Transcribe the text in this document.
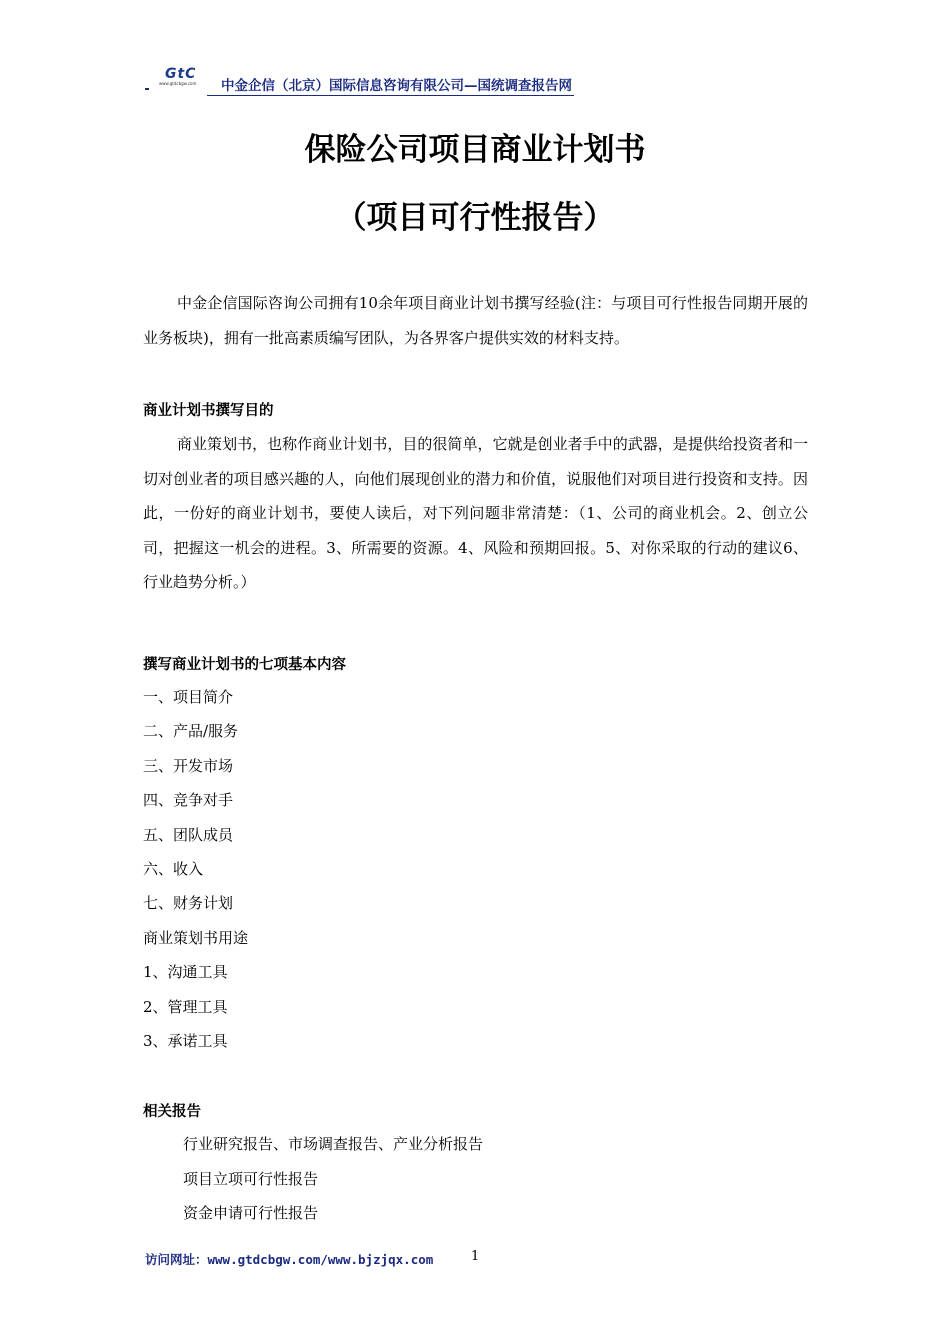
GtC
www.gtdcbgw.com	中金企信（北京）国际信息咨询有限公司—国统调查报告网
保险公司项目商业计划书
（项目可行性报告）

中金企信国际咨询公司拥有10余年项目商业计划书撰写经验(注：与项目可行性报告同期开展的业务板块)，拥有一批高素质编写团队，为各界客户提供实效的材料支持。

商业计划书撰写目的

商业策划书，也称作商业计划书，目的很简单，它就是创业者手中的武器，是提供给投资者和一切对创业者的项目感兴趣的人，向他们展现创业的潜力和价值，说服他们对项目进行投资和支持。因此，一份好的商业计划书，要使人读后，对下列问题非常清楚：（1、公司的商业机会。2、创立公司，把握这一机会的进程。3、所需要的资源。4、风险和预期回报。5、对你采取的行动的建议6、行业趋势分析。）

撰写商业计划书的七项基本内容
一、项目简介
二、产品/服务
三、开发市场
四、竞争对手
五、团队成员
六、收入
七、财务计划
商业策划书用途
1、沟通工具
2、管理工具
3、承诺工具
相关报告
行业研究报告、市场调查报告、产业分析报告
项目立项可行性报告
资金申请可行性报告
访问网址：www.gtdcbgw.com/www.bjzjqx.com	1
